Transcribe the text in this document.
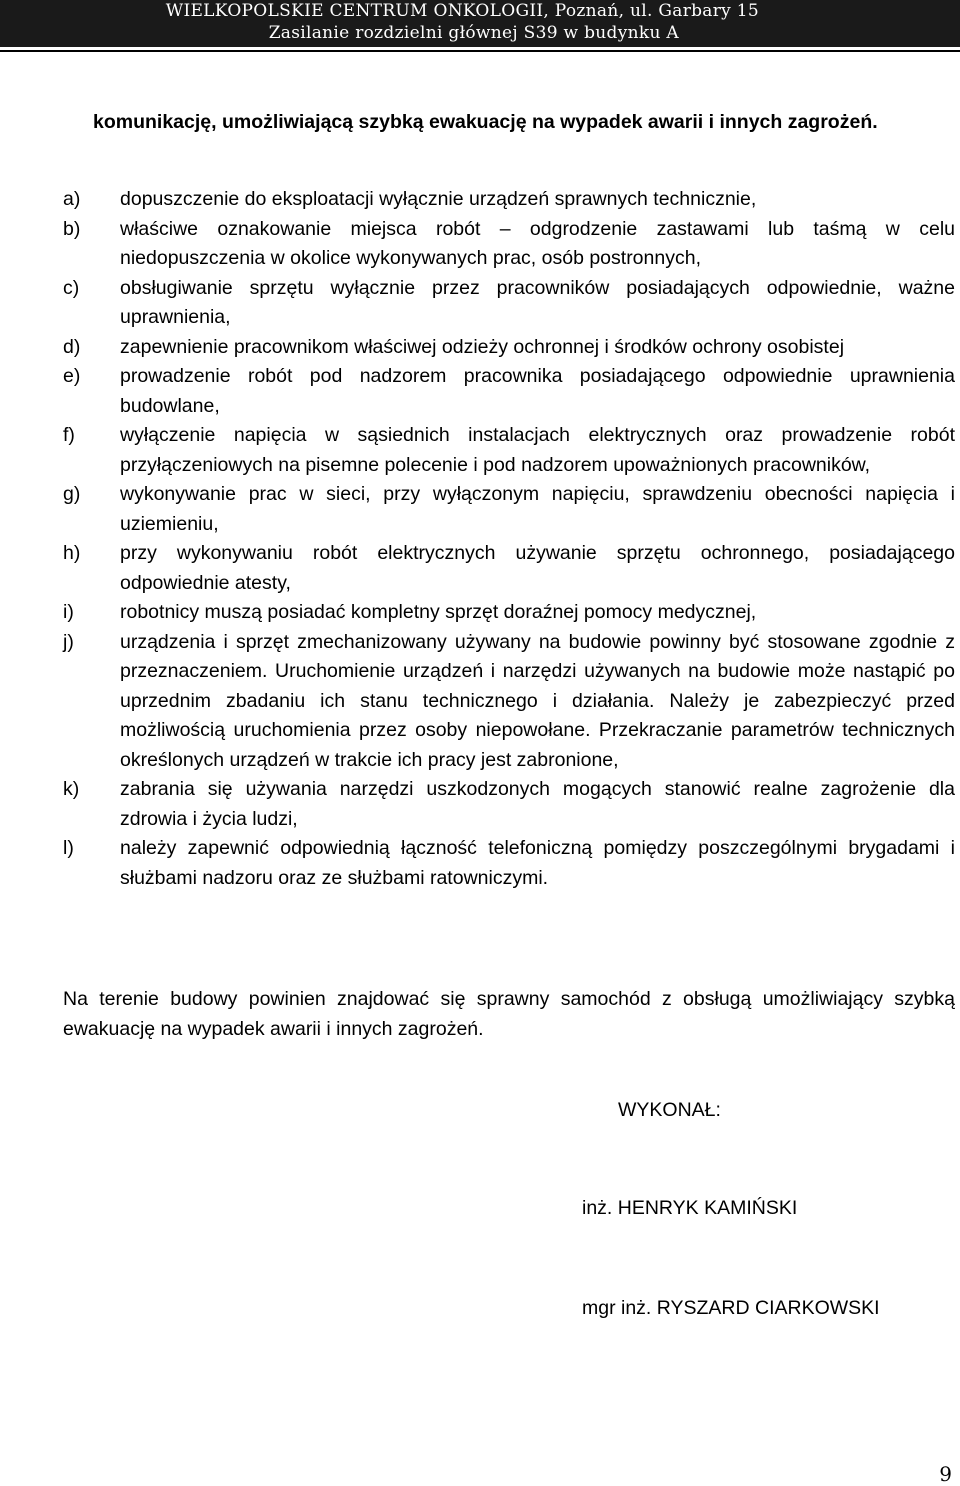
WIELKOPOLSKIE CENTRUM ONKOLOGII, Poznań, ul. Garbary 15
Zasilanie rozdzielni głównej S39 w budynku A
komunikację, umożliwiającą szybką ewakuację na wypadek awarii i innych zagrożeń.
a) dopuszczenie do eksploatacji wyłącznie urządzeń sprawnych technicznie,
b) właściwe oznakowanie miejsca robót – odgrodzenie zastawami lub taśmą w celu niedopuszczenia w okolice wykonywanych prac, osób postronnych,
c) obsługiwanie sprzętu wyłącznie przez pracowników posiadających odpowiednie, ważne uprawnienia,
d) zapewnienie pracownikom właściwej odzieży ochronnej i środków ochrony osobistej
e) prowadzenie robót pod nadzorem pracownika posiadającego odpowiednie uprawnienia budowlane,
f) wyłączenie napięcia w sąsiednich instalacjach elektrycznych oraz prowadzenie robót przyłączeniowych na pisemne polecenie i pod nadzorem upoważnionych pracowników,
g) wykonywanie prac w sieci, przy wyłączonym napięciu, sprawdzeniu obecności napięcia i uziemieniu,
h) przy wykonywaniu robót elektrycznych używanie sprzętu ochronnego, posiadającego odpowiednie atesty,
i) robotnicy muszą posiadać kompletny sprzęt doraźnej pomocy medycznej,
j) urządzenia i sprzęt zmechanizowany używany na budowie powinny być stosowane zgodnie z przeznaczeniem. Uruchomienie urządzeń i narzędzi używanych na budowie może nastąpić po uprzednim zbadaniu ich stanu technicznego i działania. Należy je zabezpieczyć przed możliwością uruchomienia przez osoby niepowołane. Przekraczanie parametrów technicznych określonych urządzeń w trakcie ich pracy jest zabronione,
k) zabrania się używania narzędzi uszkodzonych mogących stanowić realne zagrożenie dla zdrowia i życia ludzi,
l) należy zapewnić odpowiednią łączność telefoniczną pomiędzy poszczególnymi brygadami i służbami nadzoru oraz ze służbami ratowniczymi.
Na terenie budowy powinien znajdować się sprawny samochód z obsługą umożliwiający szybką ewakuację na wypadek awarii i innych zagrożeń.
WYKONAŁ:
inż. HENRYK KAMIŃSKI
mgr inż. RYSZARD CIARKOWSKI
9
